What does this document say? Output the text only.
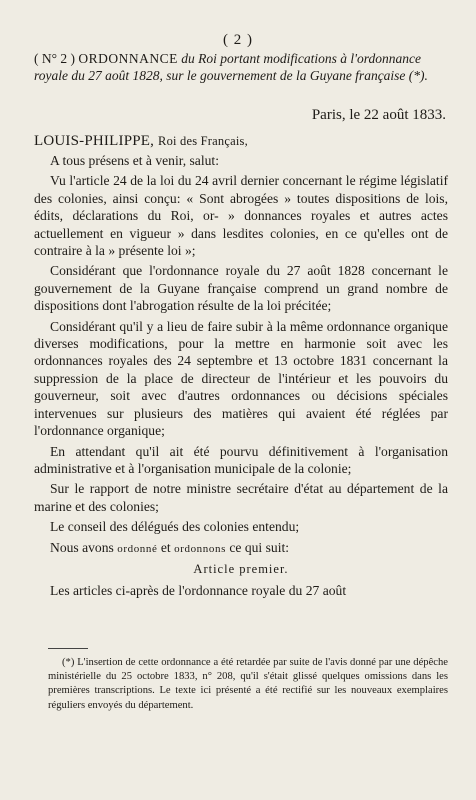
( 2 )
( N° 2 ) ORDONNANCE du Roi portant modifications à l'ordonnance royale du 27 août 1828, sur le gouvernement de la Guyane française (*).
Paris, le 22 août 1833.
LOUIS-PHILIPPE, Roi des Français,

A tous présens et à venir, salut:

Vu l'article 24 de la loi du 24 avril dernier concernant le régime législatif des colonies, ainsi conçu: « Sont abrogées » toutes dispositions de lois, édits, déclarations du Roi, or- » donnances royales et autres actes actuellement en vigueur » dans lesdites colonies, en ce qu'elles ont de contraire à la » présente loi »;

Considérant que l'ordonnance royale du 27 août 1828 concernant le gouvernement de la Guyane française comprend un grand nombre de dispositions dont l'abrogation résulte de la loi précitée;

Considérant qu'il y a lieu de faire subir à la même ordonnance organique diverses modifications, pour la mettre en harmonie soit avec les ordonnances royales des 24 septembre et 13 octobre 1831 concernant la suppression de la place de directeur de l'intérieur et les pouvoirs du gouverneur, soit avec d'autres ordonnances ou décisions spéciales intervenues sur plusieurs des matières qui avaient été réglées par l'ordonnance organique;

En attendant qu'il ait été pourvu définitivement à l'organisation administrative et à l'organisation municipale de la colonie;

Sur le rapport de notre ministre secrétaire d'état au département de la marine et des colonies;

Le conseil des délégués des colonies entendu;

Nous avons ordonné et ordonnons ce qui suit:

Article premier.

Les articles ci-après de l'ordonnance royale du 27 août

(*) L'insertion de cette ordonnance a été retardée par suite de l'avis donné par une dépêche ministérielle du 25 octobre 1833, n° 208, qu'il s'était glissé quelques omissions dans les premières transcriptions. Le texte ici présenté a été rectifié sur les nouveaux exemplaires réguliers envoyés du département.
